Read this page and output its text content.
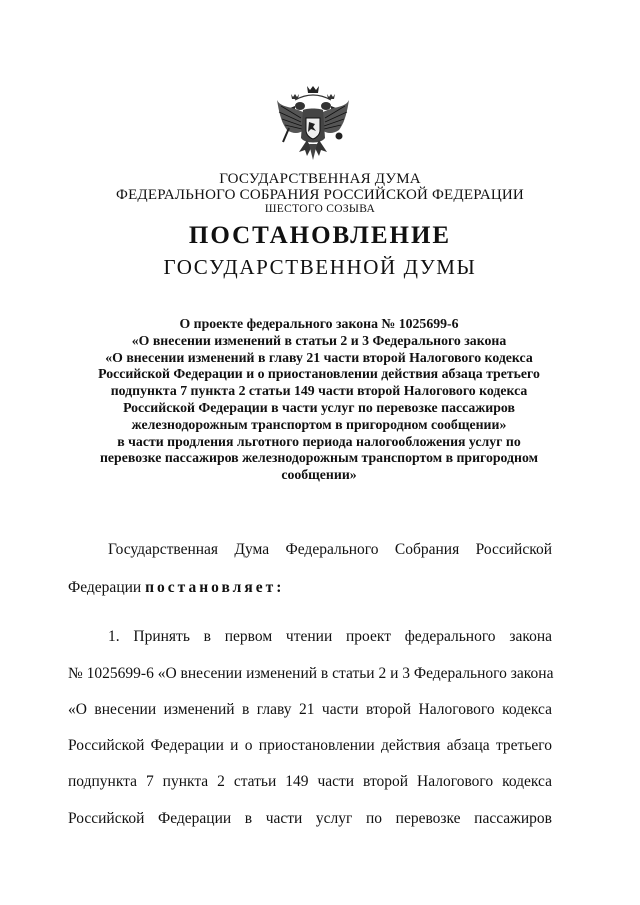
ГОСУДАРСТВЕННАЯ ДУМА
ФЕДЕРАЛЬНОГО СОБРАНИЯ РОССИЙСКОЙ ФЕДЕРАЦИИ
ШЕСТОГО СОЗЫВА
ПОСТАНОВЛЕНИЕ
ГОСУДАРСТВЕННОЙ ДУМЫ
О проекте федерального закона № 1025699-6
«О внесении изменений в статьи 2 и 3 Федерального закона
«О внесении изменений в главу 21 части второй Налогового кодекса
Российской Федерации и о приостановлении действия абзаца третьего
подпункта 7 пункта 2 статьи 149 части второй Налогового кодекса
Российской Федерации в части услуг по перевозке пассажиров
железнодорожным транспортом в пригородном сообщении»
в части продления льготного периода налогообложения услуг по
перевозке пассажиров железнодорожным транспортом в пригородном
сообщении»
Государственная Дума Федерального Собрания Российской
Федерации постановляет:
1. Принять в первом чтении проект федерального закона
№ 1025699-6 «О внесении изменений в статьи 2 и 3 Федерального закона
«О внесении изменений в главу 21 части второй Налогового кодекса
Российской Федерации и о приостановлении действия абзаца третьего
подпункта 7 пункта 2 статьи 149 части второй Налогового кодекса
Российской Федерации в части услуг по перевозке пассажиров
